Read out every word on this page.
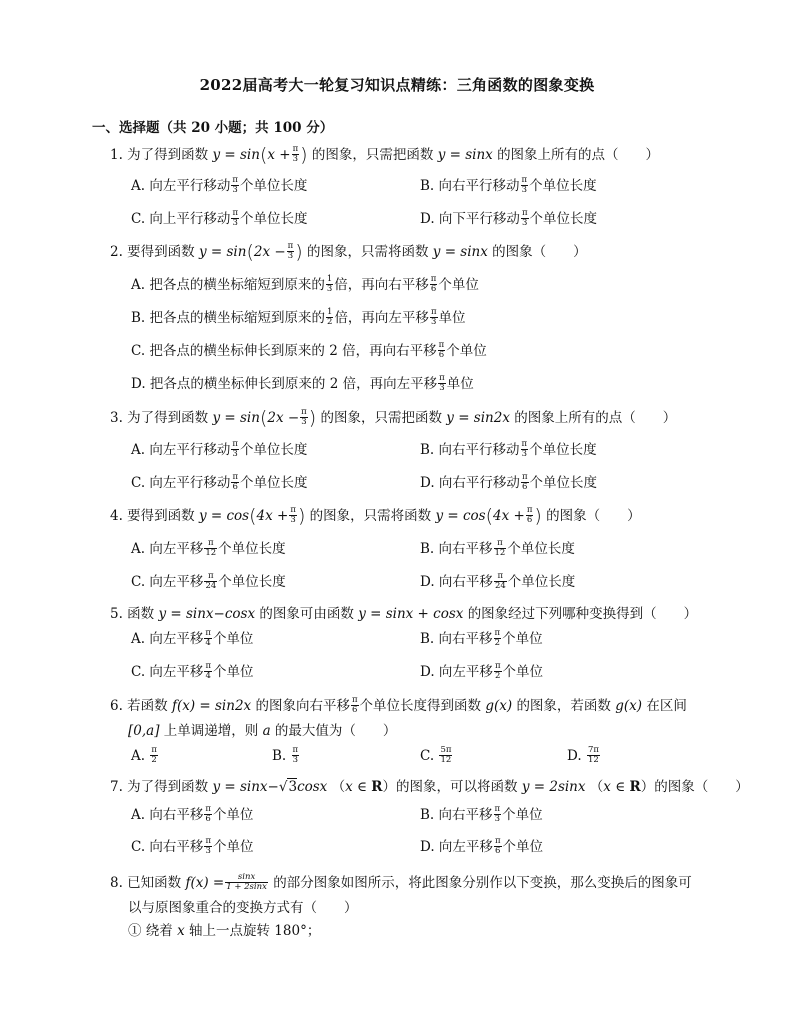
2022届高考大一轮复习知识点精练：三角函数的图象变换
一、选择题（共 20 小题；共 100 分）
1. 为了得到函数 $y = \sin(x + \frac{\pi}{3}$ ) 的图象，只需把函数 y = sinx 的图象上所有的点（　　）
A. 向左平行移动 $\frac{\pi}{3}$ 个单位长度	B. 向右平行移动 $\frac{\pi}{3}$ 个单位长度
C. 向上平行移动 $\frac{\pi}{3}$ 个单位长度	D. 向下平行移动 $\frac{\pi}{3}$ 个单位长度
2. 要得到函数 $y = \sin(2x - \frac{\pi}{3}$ ) 的图象，只需将函数 y = sinx 的图象（　　）
A. 把各点的横坐标缩短到原来的 $\frac{1}{3}$ 倍，再向右平移 $\frac{\pi}{6}$ 个单位
B. 把各点的横坐标缩短到原来的 $\frac{1}{2}$ 倍，再向左平移 $\frac{\pi}{3}$ 单位
C. 把各点的横坐标伸长到原来的 2 倍，再向右平移 $\frac{\pi}{6}$ 个单位
D. 把各点的横坐标伸长到原来的 2 倍，再向左平移 $\frac{\pi}{3}$ 单位
3. 为了得到函数 $y = \sin(2x - \frac{\pi}{3}$ ) 的图象，只需把函数 y = sin2x 的图象上所有的点（　　）
A. 向左平行移动 $\frac{\pi}{3}$ 个单位长度	B. 向右平行移动 $\frac{\pi}{3}$ 个单位长度
C. 向左平行移动 $\frac{\pi}{6}$ 个单位长度	D. 向右平行移动 $\frac{\pi}{6}$ 个单位长度
4. 要得到函数 $y = \cos(4x + \frac{\pi}{3}$ ) 的图象，只需将函数 $y = \cos(4x + \frac{\pi}{6}$ ) 的图象（　　）
A. 向左平移 $\frac{\pi}{12}$ 个单位长度	B. 向右平移 $\frac{\pi}{12}$ 个单位长度
C. 向左平移 $\frac{\pi}{24}$ 个单位长度	D. 向右平移 $\frac{\pi}{24}$ 个单位长度
5. 函数 y = sinx−cosx 的图象可由函数 y = sinx + cosx 的图象经过下列哪种变换得到（　　）
A. 向左平移 $\frac{\pi}{4}$ 个单位	B. 向右平移 $\frac{\pi}{2}$ 个单位
C. 向左平移 $\frac{\pi}{4}$ 个单位	D. 向左平移 $\frac{\pi}{2}$ 个单位
6. 若函数 f(x) = sin2x 的图象向右平移 $\frac{\pi}{6}$ 个单位长度得到函数 g(x) 的图象，若函数 g(x) 在区间
[0,a] 上单调递增，则 a 的最大值为（　　）
A. $\frac{\pi}{2}$	B. $\frac{\pi}{3}$	C. $\frac{5\pi}{12}$	D. $\frac{7\pi}{12}$
7. 为了得到函数 y = sinx−√3cosx （x ∈ R）的图象，可以将函数 y = 2sinx （x ∈ R）的图象（　　）
A. 向右平移 $\frac{\pi}{6}$ 个单位	B. 向右平移 $\frac{\pi}{3}$ 个单位
C. 向右平移 $\frac{\pi}{3}$ 个单位	D. 向左平移 $\frac{\pi}{6}$ 个单位
8. 已知函数 $f(x) = \frac{\sin x}{1 + 2\sin x}$ 的部分图象如图所示，将此图象分别作以下变换，那么变换后的图象可
以与原图象重合的变换方式有（　　）
① 绕着 x 轴上一点旋转 180°；
